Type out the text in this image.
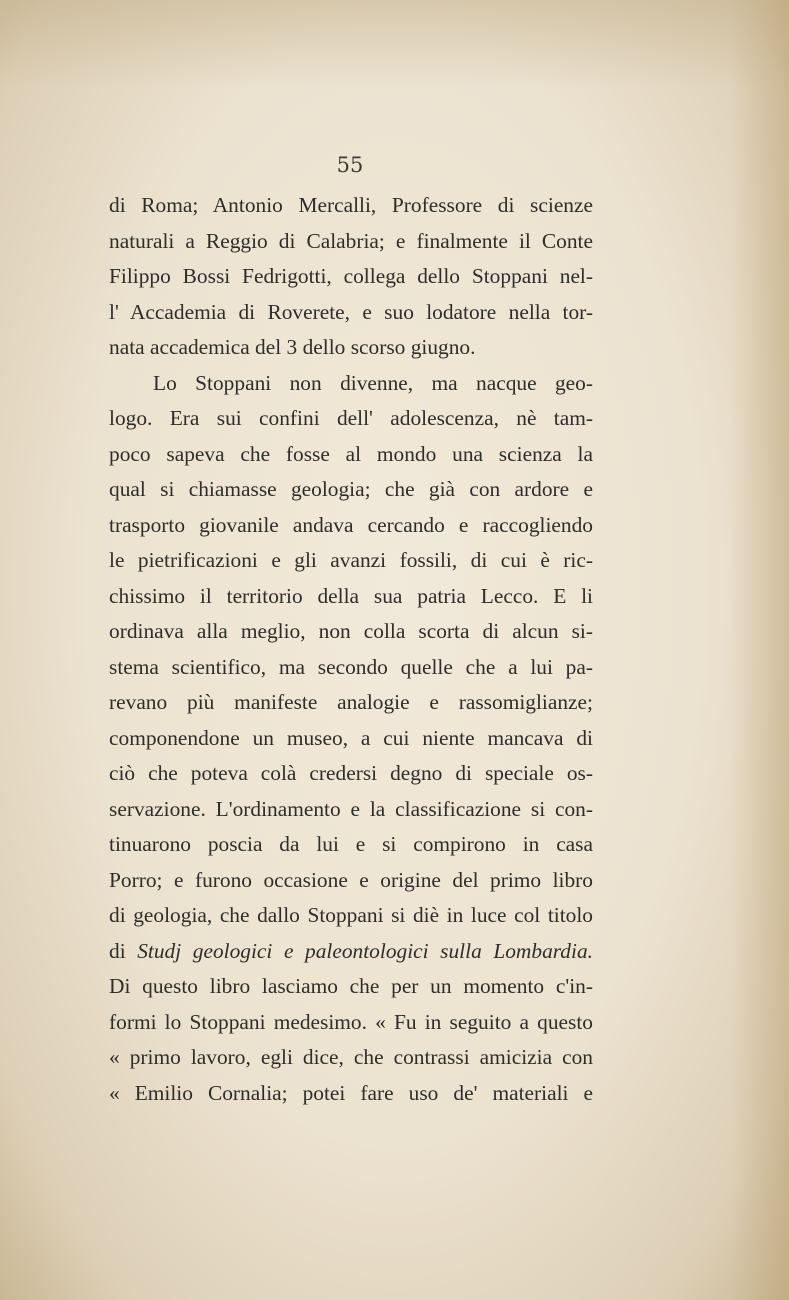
55
di Roma; Antonio Mercalli, Professore di scienze
naturali a Reggio di Calabria; e finalmente il Conte
Filippo Bossi Fedrigotti, collega dello Stoppani nel-
l' Accademia di Roverete, e suo lodatore nella tor-
nata accademica del 3 dello scorso giugno.
Lo Stoppani non divenne, ma nacque geo-
logo. Era sui confini dell' adolescenza, nè tam-
poco sapeva che fosse al mondo una scienza la
qual si chiamasse geologia; che già con ardore e
trasporto giovanile andava cercando e raccogliendo
le pietrificazioni e gli avanzi fossili, di cui è ric-
chissimo il territorio della sua patria Lecco. E li
ordinava alla meglio, non colla scorta di alcun si-
stema scientifico, ma secondo quelle che a lui pa-
revano più manifeste analogie e rassomiglianze;
componendone un museo, a cui niente mancava di
ciò che poteva colà credersi degno di speciale os-
servazione. L'ordinamento e la classificazione si con-
tinuarono poscia da lui e si compirono in casa
Porro; e furono occasione e origine del primo libro
di geologia, che dallo Stoppani si diè in luce col titolo
di Studj geologici e paleontologici sulla Lombardia.
Di questo libro lasciamo che per un momento c'in-
formi lo Stoppani medesimo. « Fu in seguito a questo
« primo lavoro, egli dice, che contrassi amicizia con
« Emilio Cornalia; potei fare uso de' materiali e
